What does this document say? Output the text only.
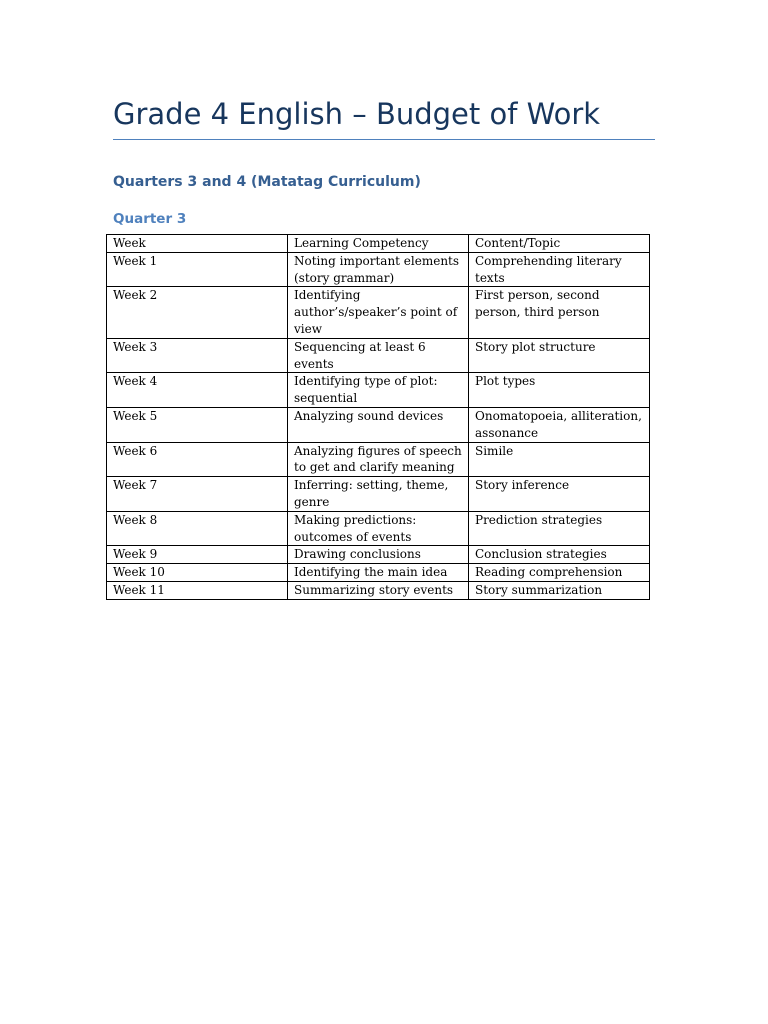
Grade 4 English – Budget of Work
Quarters 3 and 4 (Matatag Curriculum)
Quarter 3
Week	Learning Competency	Content/Topic
Week 1	Noting important elements (story grammar)	Comprehending literary texts
Week 2	Identifying author’s/speaker’s point of view	First person, second person, third person
Week 3	Sequencing at least 6 events	Story plot structure
Week 4	Identifying type of plot: sequential	Plot types
Week 5	Analyzing sound devices	Onomatopoeia, alliteration, assonance
Week 6	Analyzing figures of speech to get and clarify meaning	Simile
Week 7	Inferring: setting, theme, genre	Story inference
Week 8	Making predictions: outcomes of events	Prediction strategies
Week 9	Drawing conclusions	Conclusion strategies
Week 10	Identifying the main idea	Reading comprehension
Week 11	Summarizing story events	Story summarization
